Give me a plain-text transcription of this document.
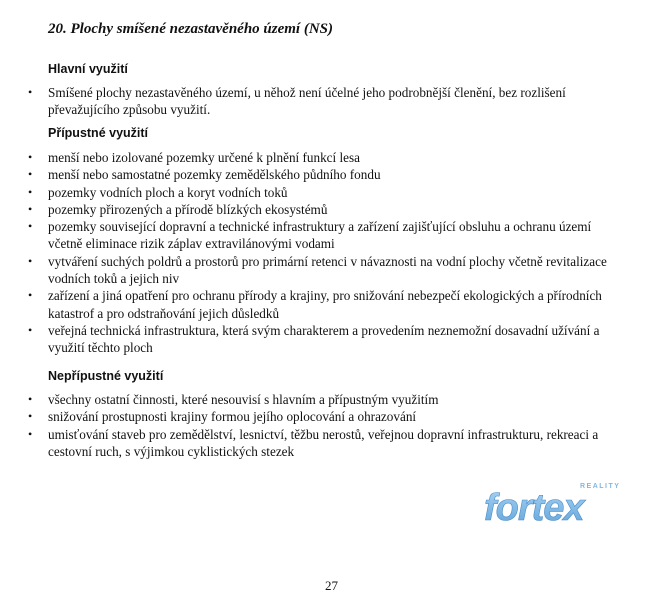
20. Plochy smíšené nezastavěného území (NS)
Hlavní využití
• Smíšené plochy nezastavěného území, u něhož není účelné jeho podrobnější členění, bez rozlišení převažujícího způsobu využití.
Přípustné využití
• menší nebo izolované pozemky určené k plnění funkcí lesa
• menší nebo samostatné pozemky zemědělského půdního fondu
• pozemky vodních ploch a koryt vodních toků
• pozemky přirozených a přírodě blízkých ekosystémů
• pozemky související dopravní a technické infrastruktury a zařízení zajišťující obsluhu a ochranu území včetně eliminace rizik záplav extravilánovými vodami
• vytváření suchých poldrů a prostorů pro primární retenci v návaznosti na vodní plochy včetně revitalizace vodních toků a jejich niv
• zařízení a jiná opatření pro ochranu přírody a krajiny, pro snižování nebezpečí ekologických a přírodních katastrof a pro odstraňování jejich důsledků
• veřejná technická infrastruktura, která svým charakterem a provedením neznemožní dosavadní užívání a využití těchto ploch
Nepřípustné využití
• všechny ostatní činnosti, které nesouvisí s hlavním a přípustným využitím
• snižování prostupnosti krajiny formou jejího oplocování a ohrazování
• umisťování staveb pro zemědělství, lesnictví, těžbu nerostů, veřejnou dopravní infrastrukturu, rekreaci a cestovní ruch, s výjimkou cyklistických stezek
REALITY
fortex
27
